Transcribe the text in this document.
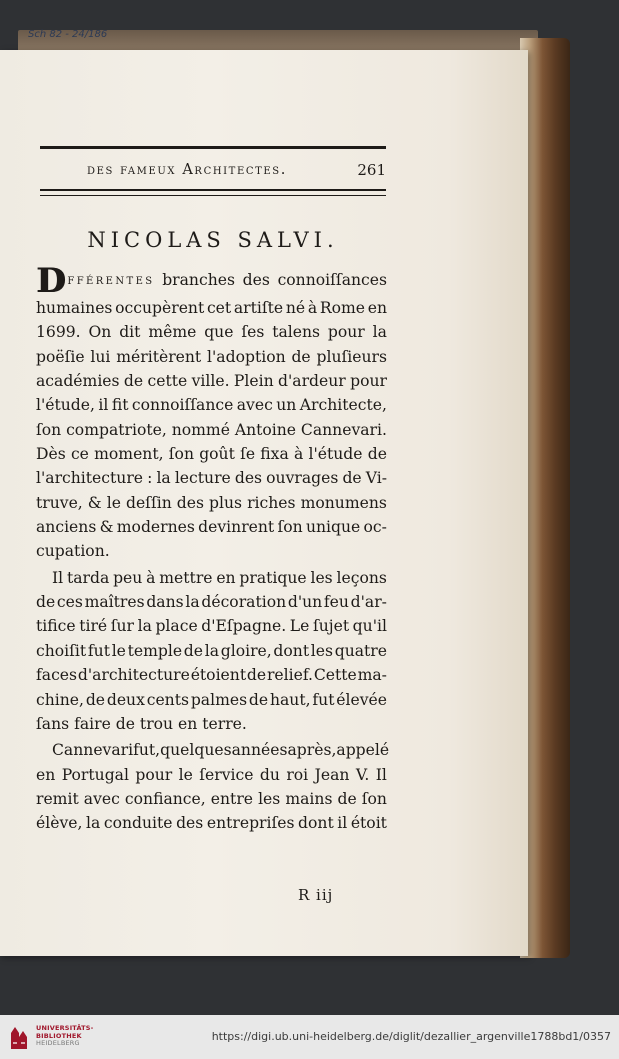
Sch 82 - 24/186
des fameux Architectes.	261
NICOLAS SALVI.
D
ifférentes branches des connoiſſances
humaines occupèrent cet artiſte né à Rome en
1699. On dit même que ſes talens pour la
poëſie lui méritèrent l'adoption de pluſieurs
académies de cette ville. Plein d'ardeur pour
l'étude, il fit connoiſſance avec un Architecte,
ſon compatriote, nommé Antoine Cannevari.
Dès ce moment, ſon goût ſe fixa à l'étude de
l'architecture : la lecture des ouvrages de Vi-
truve, & le deſſin des plus riches monumens
anciens & modernes devinrent ſon unique oc-
cupation.
Il tarda peu à mettre en pratique les leçons
de ces maîtres dans la décoration d'un feu d'ar-
tifice tiré ſur la place d'Eſpagne. Le ſujet qu'il
choiſit fut le temple de la gloire, dont les quatre
faces d'architecture étoient de relief. Cette ma-
chine, de deux cents palmes de haut, fut élevée
ſans faire de trou en terre.
Cannevari fut, quelques années après, appelé
en Portugal pour le ſervice du roi Jean V. Il
remit avec confiance, entre les mains de ſon
élève, la conduite des entrepriſes dont il étoit
R iij
UNIVERSITÄTS-
BIBLIOTHEK
HEIDELBERG	https://digi.ub.uni-heidelberg.de/diglit/dezallier_argenville1788bd1/0357
